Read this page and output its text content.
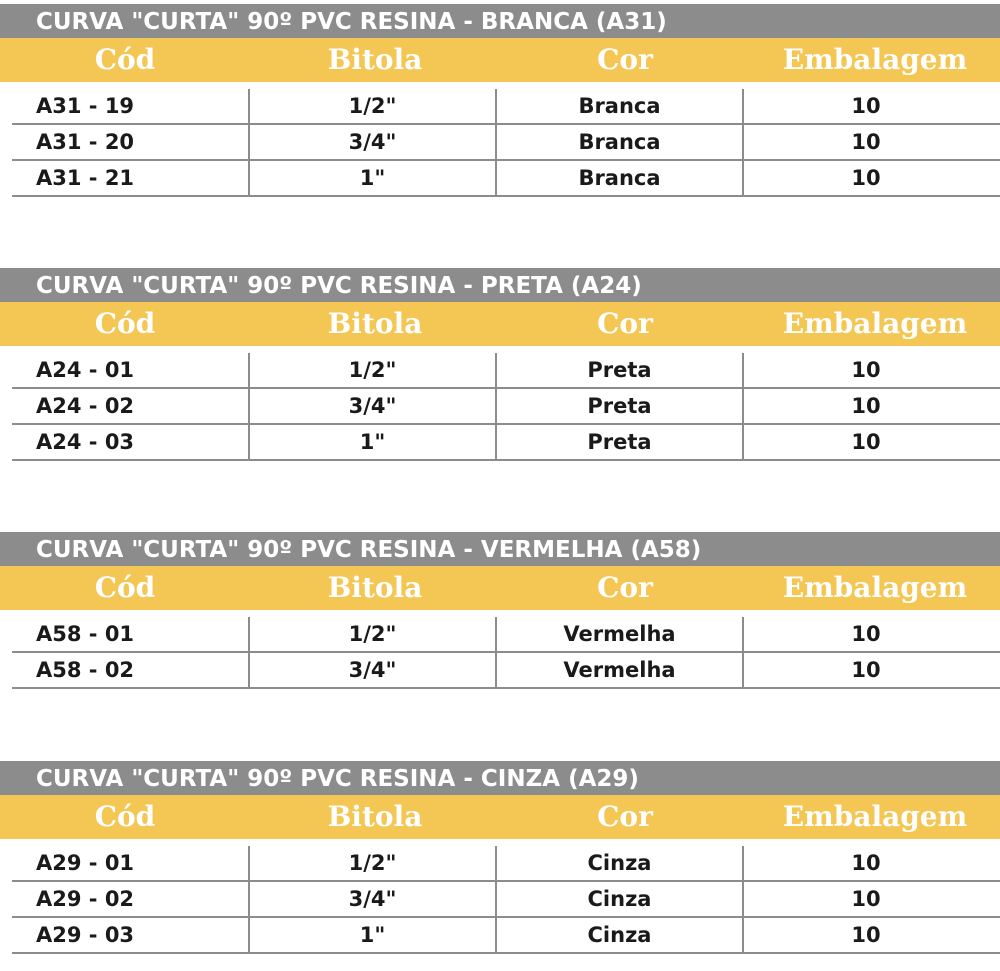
CURVA "CURTA" 90º PVC RESINA - BRANCA (A31)
Cód	Bitola	Cor	Embalagem
A31 - 19	1/2"	Branca	10
A31 - 20	3/4"	Branca	10
A31 - 21	1"	Branca	10
CURVA "CURTA" 90º PVC RESINA - PRETA (A24)
Cód	Bitola	Cor	Embalagem
A24 - 01	1/2"	Preta	10
A24 - 02	3/4"	Preta	10
A24 - 03	1"	Preta	10
CURVA "CURTA" 90º PVC RESINA - VERMELHA (A58)
Cód	Bitola	Cor	Embalagem
A58 - 01	1/2"	Vermelha	10
A58 - 02	3/4"	Vermelha	10
CURVA "CURTA" 90º PVC RESINA - CINZA (A29)
Cód	Bitola	Cor	Embalagem
A29 - 01	1/2"	Cinza	10
A29 - 02	3/4"	Cinza	10
A29 - 03	1"	Cinza	10
